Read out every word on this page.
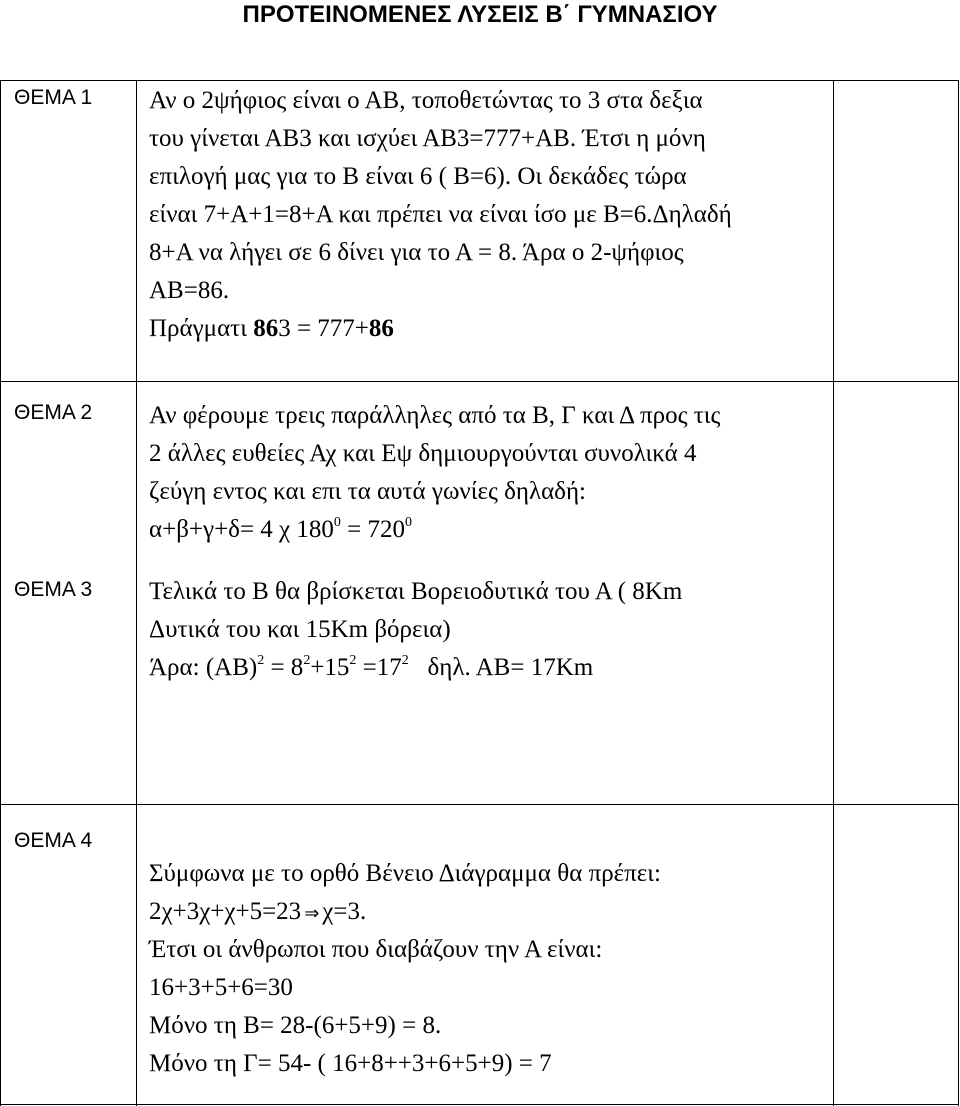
ΠΡΟΤΕΙΝΟΜΕΝΕΣ ΛΥΣΕΙΣ Β΄ ΓΥΜΝΑΣΙΟΥ
ΘΕΜΑ 1 Αν ο 2ψήφιος είναι ο ΑΒ, τοποθετώντας το 3 στα δεξια
του γίνεται ΑΒ3 και ισχύει ΑΒ3=777+ΑΒ. Έτσι η μόνη
επιλογή μας για το Β είναι 6 ( Β=6). Οι δεκάδες τώρα
είναι 7+Α+1=8+Α και πρέπει να είναι ίσο με Β=6.Δηλαδή
8+Α να λήγει σε 6 δίνει για το Α = 8. Άρα ο 2-ψήφιος
ΑΒ=86.
Πράγματι 863 = 777+86
ΘΕΜΑ 2 Αν φέρουμε τρεις παράλληλες από τα Β, Γ και Δ προς τις
2 άλλες ευθείες Αχ και Εψ δημιουργούνται συνολικά 4
ζεύγη εντος και επι τα αυτά γωνίες δηλαδή:
α+β+γ+δ= 4 χ $180^0 = 720^0$
ΘΕΜΑ 3 Τελικά το Β θα βρίσκεται Βορειοδυτικά του Α ( 8Km
Δυτικά του και 15Km βόρεια)
Άρα: $(AB)^2 = 8^2+15^2 =17^2$   δηλ. ΑΒ= 17Km
ΘΕΜΑ 4
Σύμφωνα με το ορθό Βένειο Διάγραμμα θα πρέπει:
2χ+3χ+χ+5=23 ⇒ χ=3.
Έτσι οι άνθρωποι που διαβάζουν την Α είναι:
16+3+5+6=30
Μόνο τη Β= 28-(6+5+9) = 8.
Μόνο τη Γ= 54- ( 16+8++3+6+5+9) = 7
